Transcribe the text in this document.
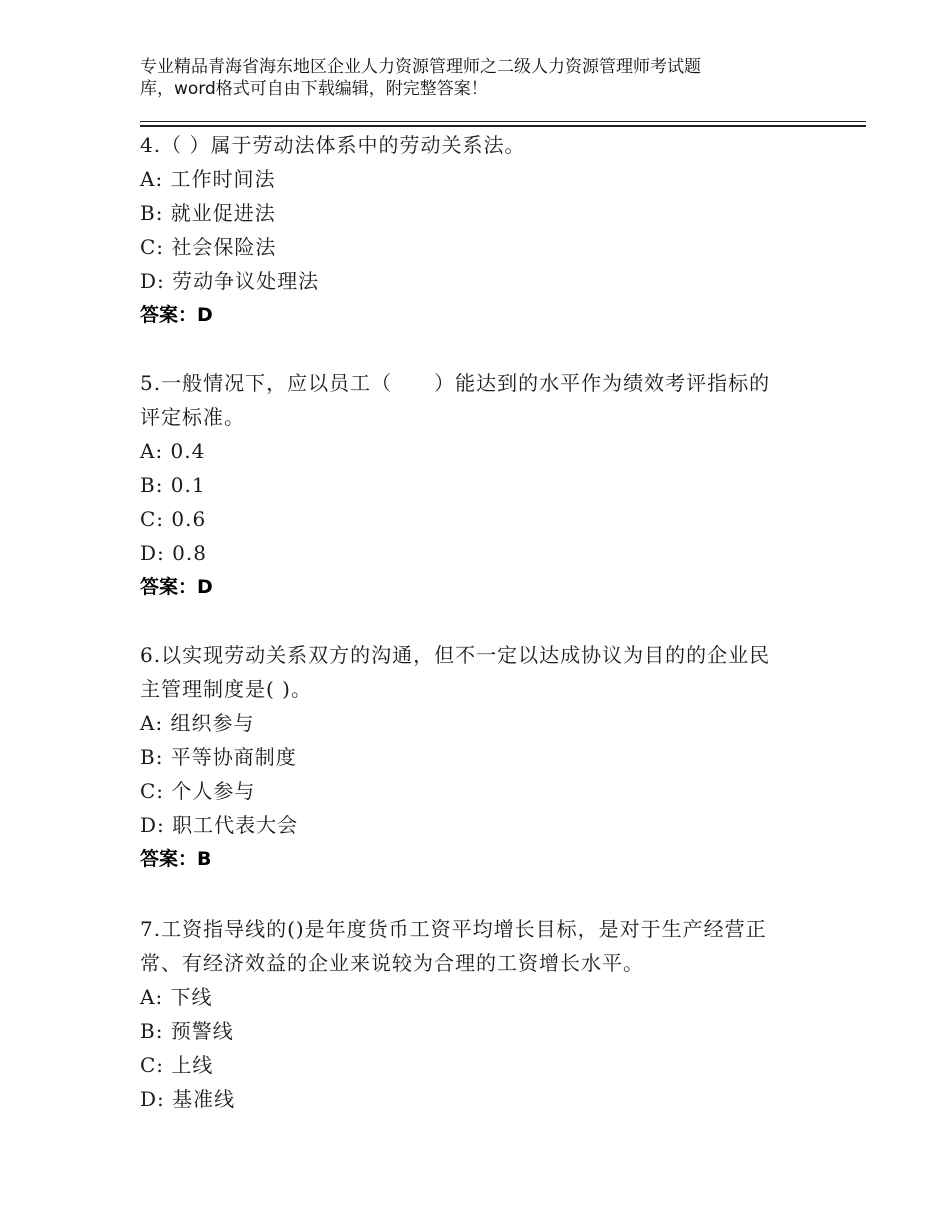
专业精品青海省海东地区企业人力资源管理师之二级人力资源管理师考试题
库，word格式可自由下载编辑，附完整答案！

4.（ ）属于劳动法体系中的劳动关系法。

A: 工作时间法

B: 就业促进法

C: 社会保险法

D: 劳动争议处理法

答案：D

5.一般情况下，应以员工（　　）能达到的水平作为绩效考评指标的

评定标准。

A: 0.4

B: 0.1

C: 0.6

D: 0.8

答案：D

6.以实现劳动关系双方的沟通，但不一定以达成协议为目的的企业民

主管理制度是( )。

A: 组织参与

B: 平等协商制度

C: 个人参与

D: 职工代表大会

答案：B

7.工资指导线的()是年度货币工资平均增长目标，是对于生产经营正

常、有经济效益的企业来说较为合理的工资增长水平。

A: 下线

B: 预警线

C: 上线

D: 基准线
